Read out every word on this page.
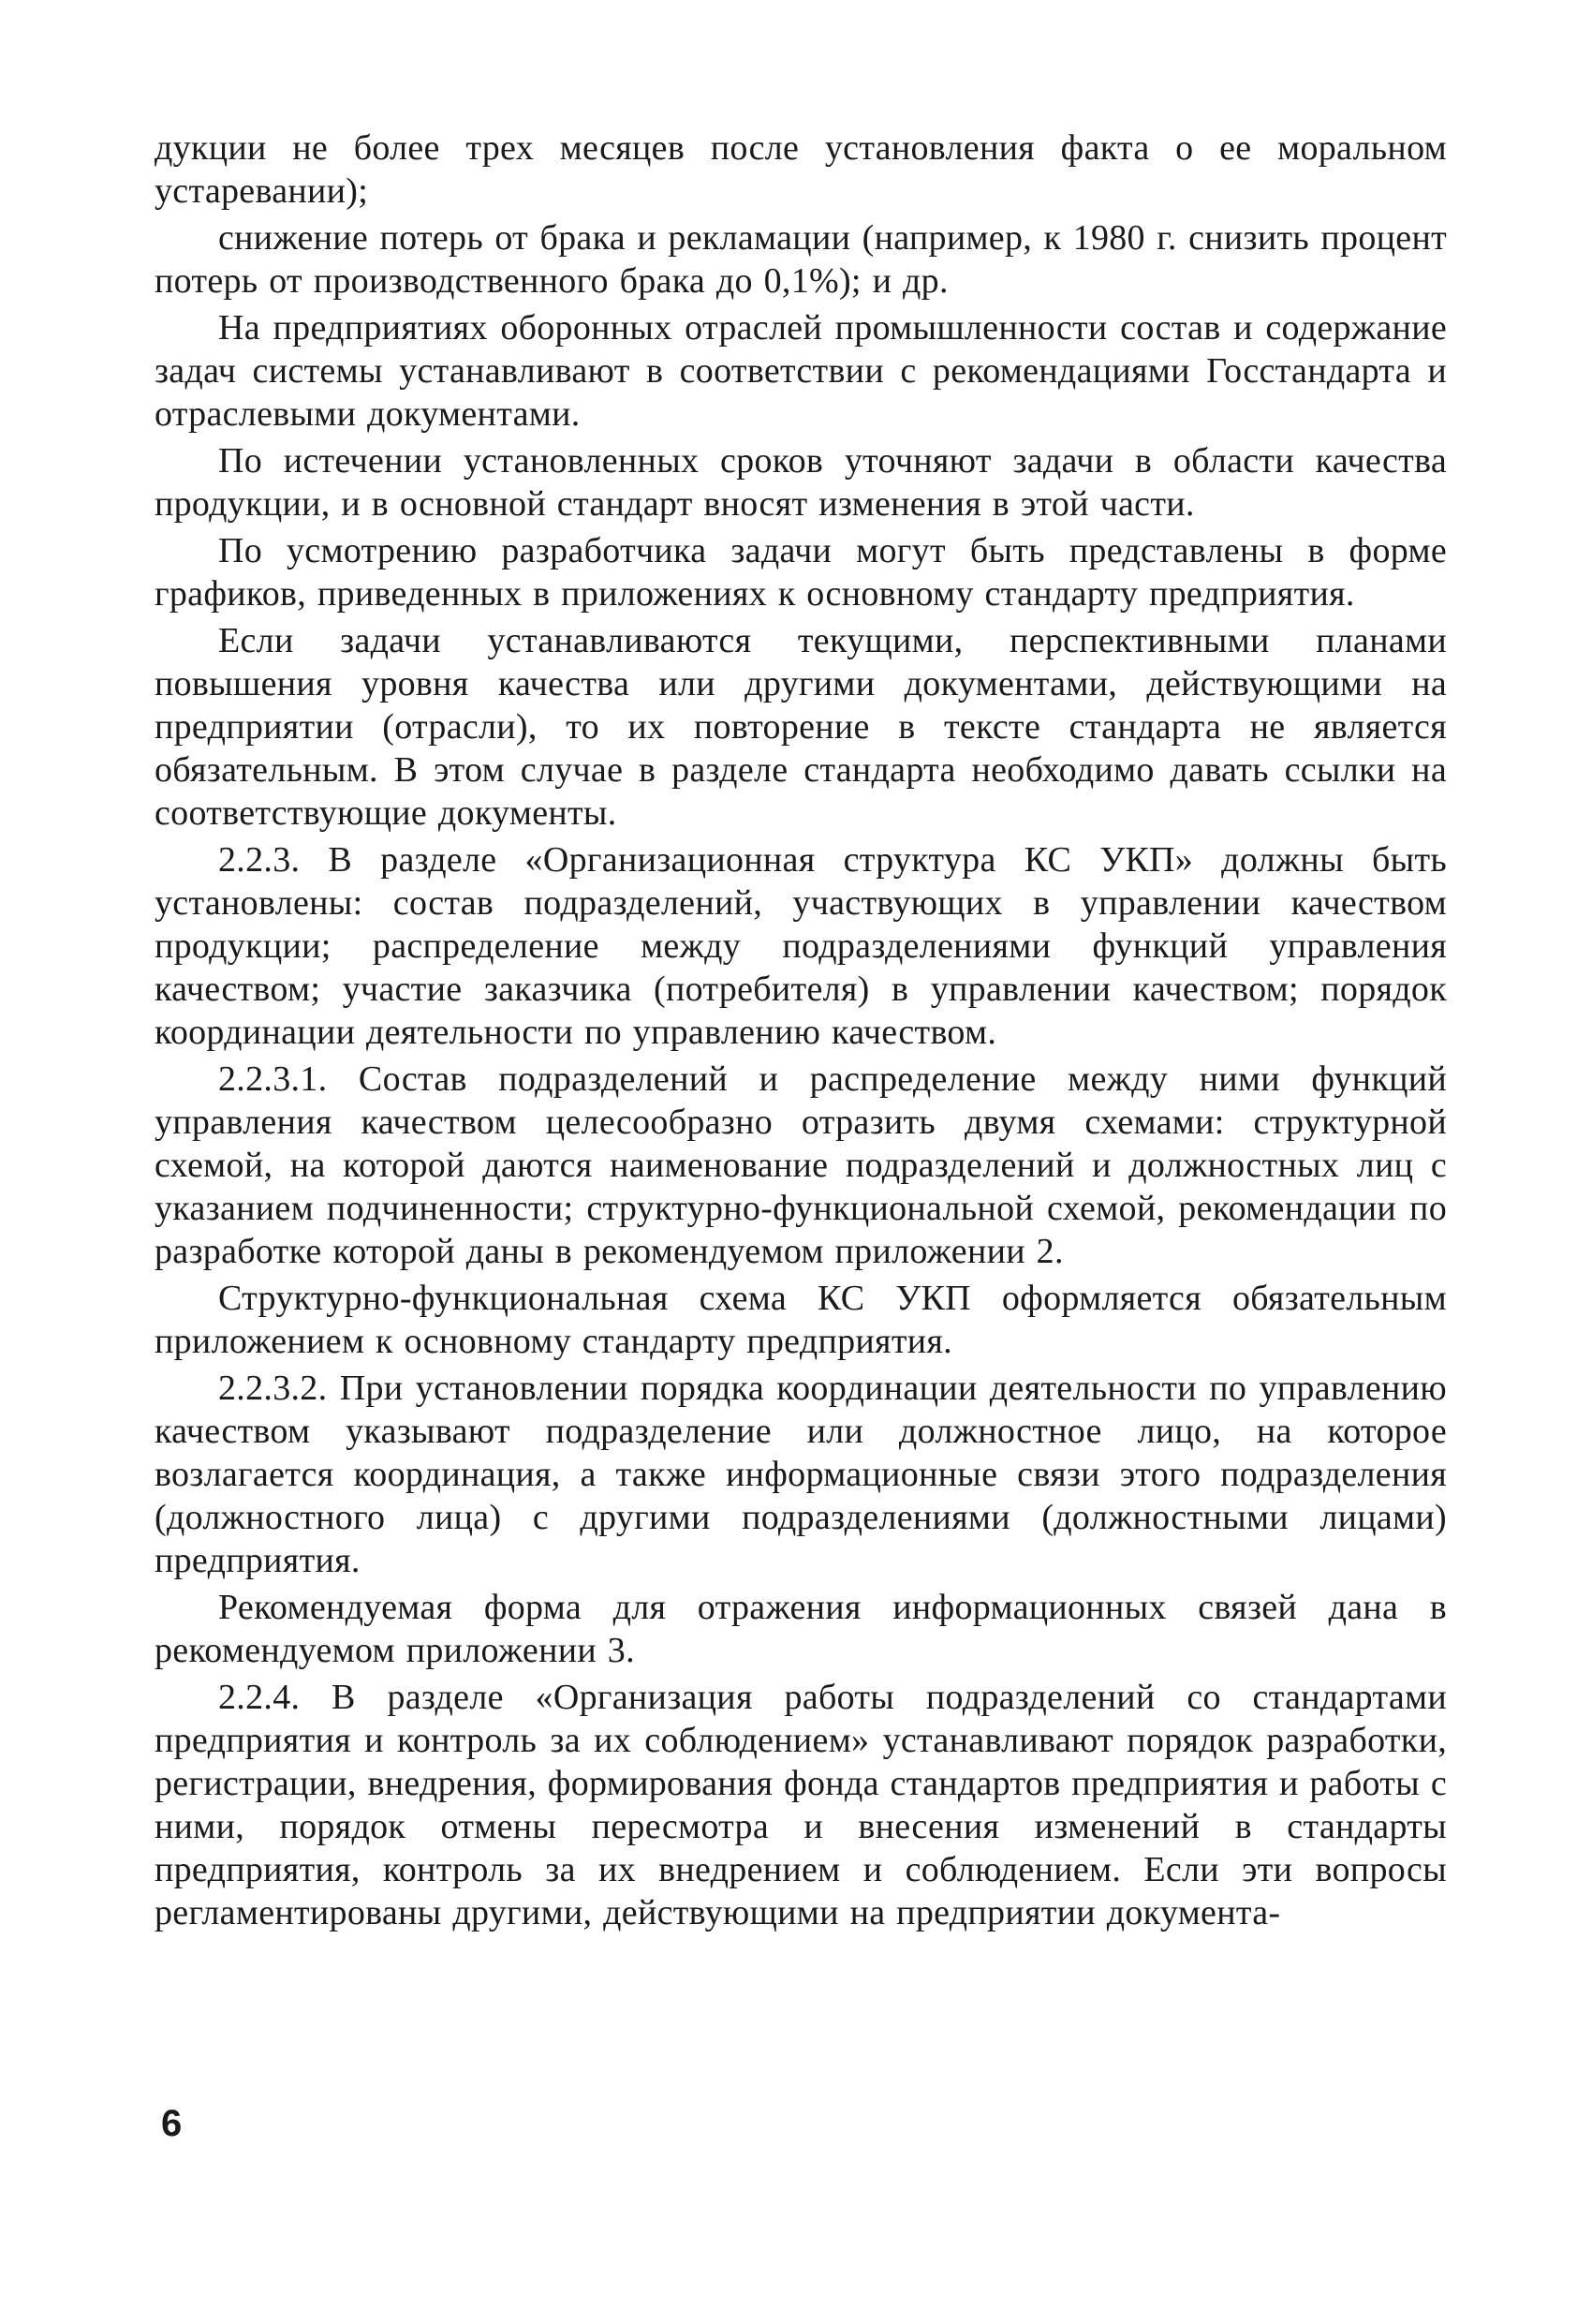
дукции не более трех месяцев после установления факта о ее моральном устаревании);

снижение потерь от брака и рекламации (например, к 1980 г. снизить процент потерь от производственного брака до 0,1%); и др.

На предприятиях оборонных отраслей промышленности состав и содержание задач системы устанавливают в соответствии с рекомендациями Госстандарта и отраслевыми документами.

По истечении установленных сроков уточняют задачи в области качества продукции, и в основной стандарт вносят изменения в этой части.

По усмотрению разработчика задачи могут быть представлены в форме графиков, приведенных в приложениях к основному стандарту предприятия.

Если задачи устанавливаются текущими, перспективными планами повышения уровня качества или другими документами, действующими на предприятии (отрасли), то их повторение в тексте стандарта не является обязательным. В этом случае в разделе стандарта необходимо давать ссылки на соответствующие документы.

2.2.3. В разделе «Организационная структура КС УКП» должны быть установлены: состав подразделений, участвующих в управлении качеством продукции; распределение между подразделениями функций управления качеством; участие заказчика (потребителя) в управлении качеством; порядок координации деятельности по управлению качеством.

2.2.3.1. Состав подразделений и распределение между ними функций управления качеством целесообразно отразить двумя схемами: структурной схемой, на которой даются наименование подразделений и должностных лиц с указанием подчиненности; структурно-функциональной схемой, рекомендации по разработке которой даны в рекомендуемом приложении 2.

Структурно-функциональная схема КС УКП оформляется обязательным приложением к основному стандарту предприятия.

2.2.3.2. При установлении порядка координации деятельности по управлению качеством указывают подразделение или должностное лицо, на которое возлагается координация, а также информационные связи этого подразделения (должностного лица) с другими подразделениями (должностными лицами) предприятия.

Рекомендуемая форма для отражения информационных связей дана в рекомендуемом приложении 3.

2.2.4. В разделе «Организация работы подразделений со стандартами предприятия и контроль за их соблюдением» устанавливают порядок разработки, регистрации, внедрения, формирования фонда стандартов предприятия и работы с ними, порядок отмены пересмотра и внесения изменений в стандарты предприятия, контроль за их внедрением и соблюдением. Если эти вопросы регламентированы другими, действующими на предприятии документа-

6
